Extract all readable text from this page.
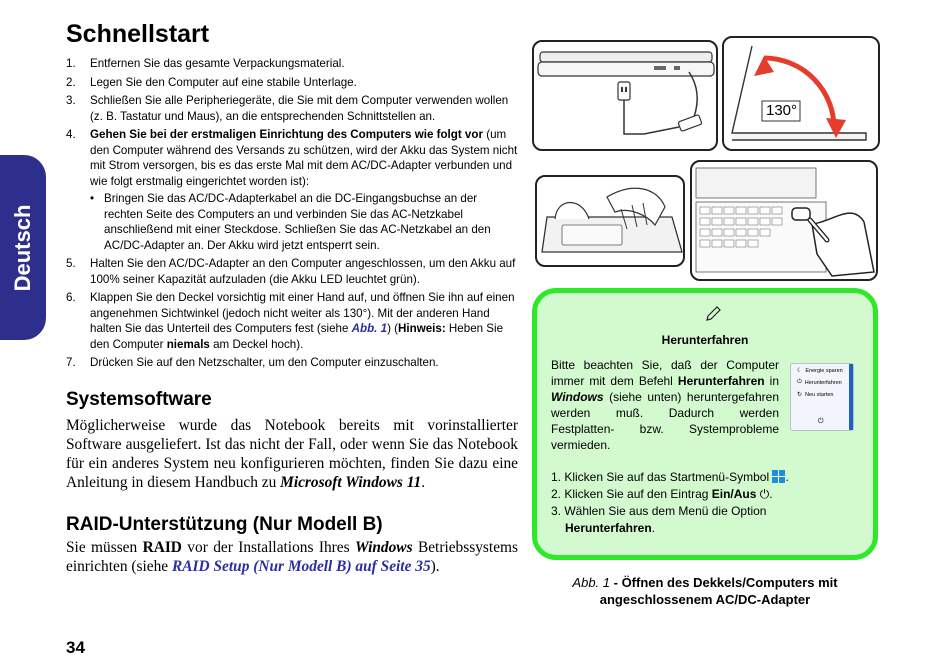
Deutsch
Schnellstart
1. Entfernen Sie das gesamte Verpackungsmaterial.
2. Legen Sie den Computer auf eine stabile Unterlage.
3. Schließen Sie alle Peripheriegeräte, die Sie mit dem Computer verwenden wollen (z. B. Tastatur und Maus), an die entsprechenden Schnittstellen an.
4. Gehen Sie bei der erstmaligen Einrichtung des Computers wie folgt vor (um den Computer während des Versands zu schützen, wird der Akku das System nicht mit Strom versorgen, bis es das erste Mal mit dem AC/DC-Adapter verbunden und wie folgt erstmalig eingerichtet worden ist):
• Bringen Sie das AC/DC-Adapterkabel an die DC-Eingangsbuchse an der rechten Seite des Computers an und verbinden Sie das AC-Netzkabel anschließend mit einer Steckdose. Schließen Sie das AC-Netzkabel an den AC/DC-Adapter an. Der Akku wird jetzt entsperrt sein.
5. Halten Sie den AC/DC-Adapter an den Computer angeschlossen, um den Akku auf 100% seiner Kapazität aufzuladen (die Akku LED leuchtet grün).
6. Klappen Sie den Deckel vorsichtig mit einer Hand auf, und öffnen Sie ihn auf einen angenehmen Sichtwinkel (jedoch nicht weiter als 130°). Mit der anderen Hand halten Sie das Unterteil des Computers fest (siehe Abb. 1) (Hinweis: Heben Sie den Computer niemals am Deckel hoch).
7. Drücken Sie auf den Netzschalter, um den Computer einzuschalten.
Systemsoftware

Möglicherweise wurde das Notebook bereits mit vorinstallierter Software ausgeliefert. Ist das nicht der Fall, oder wenn Sie das Notebook für ein anderes System neu konfigurieren möchten, finden Sie dazu eine Anleitung in diesem Handbuch zu Microsoft Windows 11.

RAID-Unterstützung (Nur Modell B)

Sie müssen RAID vor der Installations Ihres Windows Betriebssystems einrichten (siehe RAID Setup (Nur Modell B) auf Seite 35).

34
130°
Herunterfahren

Bitte beachten Sie, daß der Computer immer mit dem Befehl Herunterfahren in Windows (siehe unten) heruntergefahren werden muß. Dadurch werden Festplatten- bzw. Systemprobleme vermieden.

☾ Energie sparen
⏻ Herunterfahren
↻ Neu starten
⏻
1. Klicken Sie auf das Startmenü-Symbol .
2. Klicken Sie auf den Eintrag Ein/Aus ⏻.
3. Wählen Sie aus dem Menü die Option
Herunterfahren.
Abb. 1 - Öffnen des Dekkels/Computers mit angeschlossenem AC/DC-Adapter
